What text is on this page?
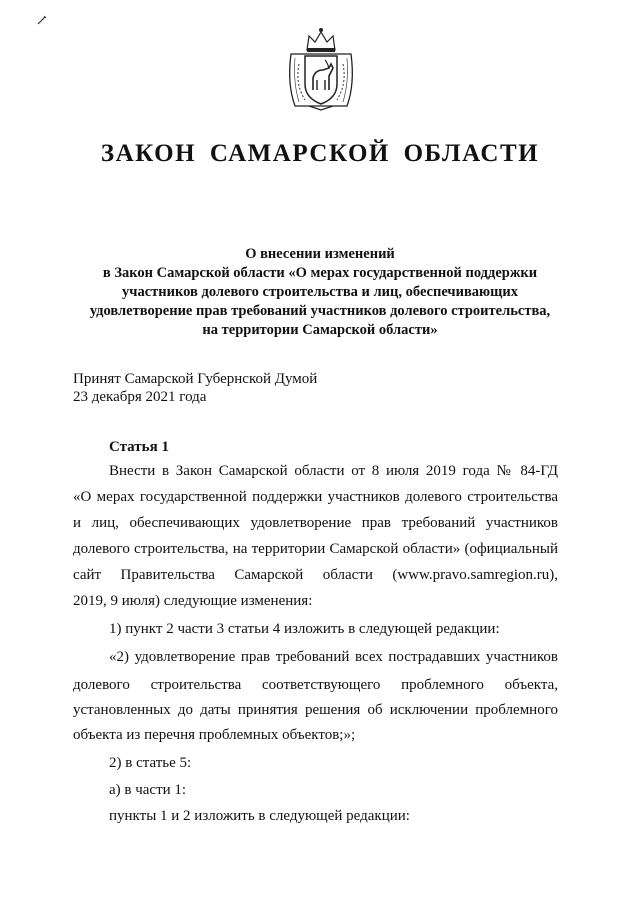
ЗАКОН САМАРСКОЙ ОБЛАСТИ
О внесении изменений
в Закон Самарской области «О мерах государственной поддержки
участников долевого строительства и лиц, обеспечивающих
удовлетворение прав требований участников долевого строительства,
на территории Самарской области»
Принят Самарской Губернской Думой
23 декабря 2021 года
Статья 1
Внести в Закон Самарской области от 8 июля 2019 года № 84-ГД
«О мерах государственной поддержки участников долевого строительства
и лиц, обеспечивающих удовлетворение прав требований участников
долевого строительства, на территории Самарской области» (официальный
сайт Правительства Самарской области (www.pravo.samregion.ru),
2019, 9 июля) следующие изменения:
1) пункт 2 части 3 статьи 4 изложить в следующей редакции:
«2) удовлетворение прав требований всех пострадавших участников
долевого строительства соответствующего проблемного объекта,
установленных до даты принятия решения об исключении проблемного
объекта из перечня проблемных объектов;»;
2) в статье 5:
а) в части 1:
пункты 1 и 2 изложить в следующей редакции:
